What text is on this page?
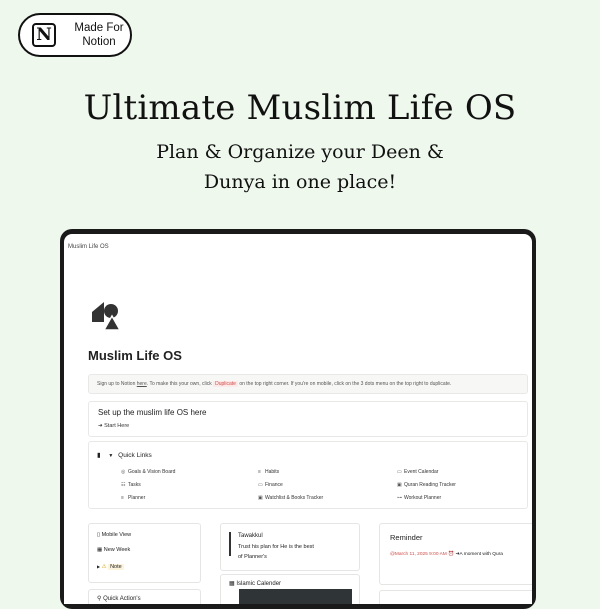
N	Made For Notion
Ultimate Muslim Life OS
Plan & Organize your Deen &
Dunya in one place!
Muslim Life OS
Muslim Life OS
Sign up to Notion here. To make this your own, click Duplicate on the top right corner. If you're on mobile, click on the 3 dots menu on the top right to duplicate.
Set up the muslim life OS here
➜ Start Here
▮ ▼ Quick Links
◎ Goals & Vision Board	≡ Habits	▭ Event Calendar
☷ Tasks	▭ Finance	▣ Quran Reading Tracker
≡ Planner	▣ Watchlist & Books Tracker	⊶ Workout Planner
▯ Mobile View
▦ New Week
▶ ⚠ Note
⚲ Quick Action's
Tawakkul
Trust his plan for He is the best
of Planner's
▦ Islamic Calender
Reminder
@March 11, 2025 9:00 AM ⏰ ➜A moment with Qura
